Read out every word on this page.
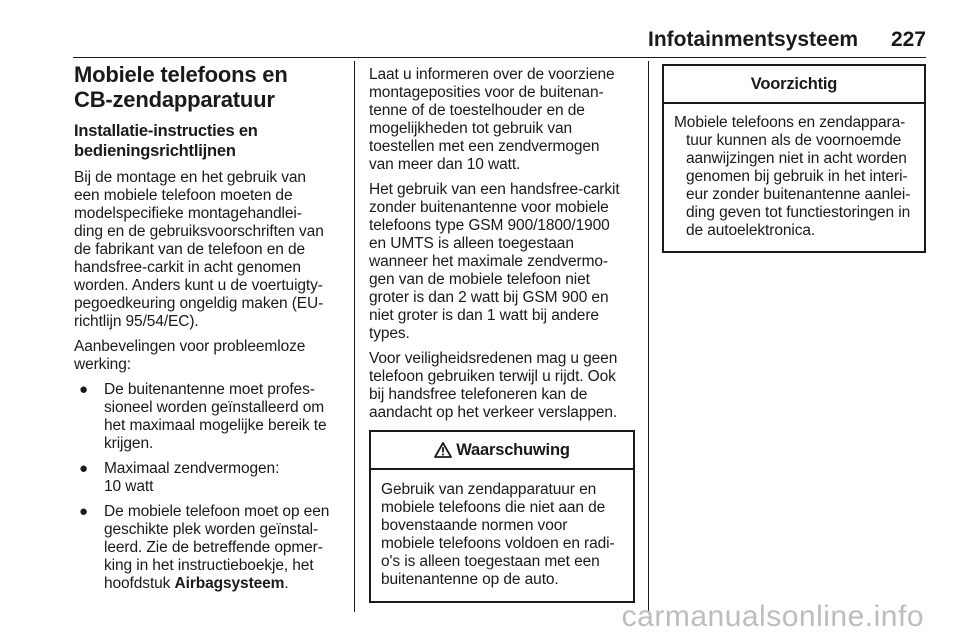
Infotainmentsysteem	227
Mobiele telefoons en
CB-zendapparatuur
Installatie-instructies en
bedieningsrichtlijnen

Bij de montage en het gebruik van
een mobiele telefoon moeten de
modelspecifieke montagehandlei-
ding en de gebruiksvoorschriften van
de fabrikant van de telefoon en de
handsfree-carkit in acht genomen
worden. Anders kunt u de voertuigty-
pegoedkeuring ongeldig maken (EU-
richtlijn 95/54/EC).

Aanbevelingen voor probleemloze
werking:

● De buitenantenne moet profes-
sioneel worden geïnstalleerd om
het maximaal mogelijke bereik te
krijgen.
● Maximaal zendvermogen:
10 watt
● De mobiele telefoon moet op een
geschikte plek worden geïnstal-
leerd. Zie de betreffende opmer-
king in het instructieboekje, het
hoofdstuk Airbagsysteem.

Laat u informeren over de voorziene
montageposities voor de buitenan-
tenne of de toestelhouder en de
mogelijkheden tot gebruik van
toestellen met een zendvermogen
van meer dan 10 watt.

Het gebruik van een handsfree-carkit
zonder buitenantenne voor mobiele
telefoons type GSM 900/1800/1900
en UMTS is alleen toegestaan
wanneer het maximale zendvermo-
gen van de mobiele telefoon niet
groter is dan 2 watt bij GSM 900 en
niet groter is dan 1 watt bij andere
types.

Voor veiligheidsredenen mag u geen
telefoon gebruiken terwijl u rijdt. Ook
bij handsfree telefoneren kan de
aandacht op het verkeer verslappen.

Waarschuwing
Gebruik van zendapparatuur en
mobiele telefoons die niet aan de
bovenstaande normen voor
mobiele telefoons voldoen en radi-
o's is alleen toegestaan met een
buitenantenne op de auto.
Voorzichtig
Mobiele telefoons en zendappara-
tuur kunnen als de voornoemde
aanwijzingen niet in acht worden
genomen bij gebruik in het interi-
eur zonder buitenantenne aanlei-
ding geven tot functiestoringen in
de autoelektronica.
carmanualsonline.info
